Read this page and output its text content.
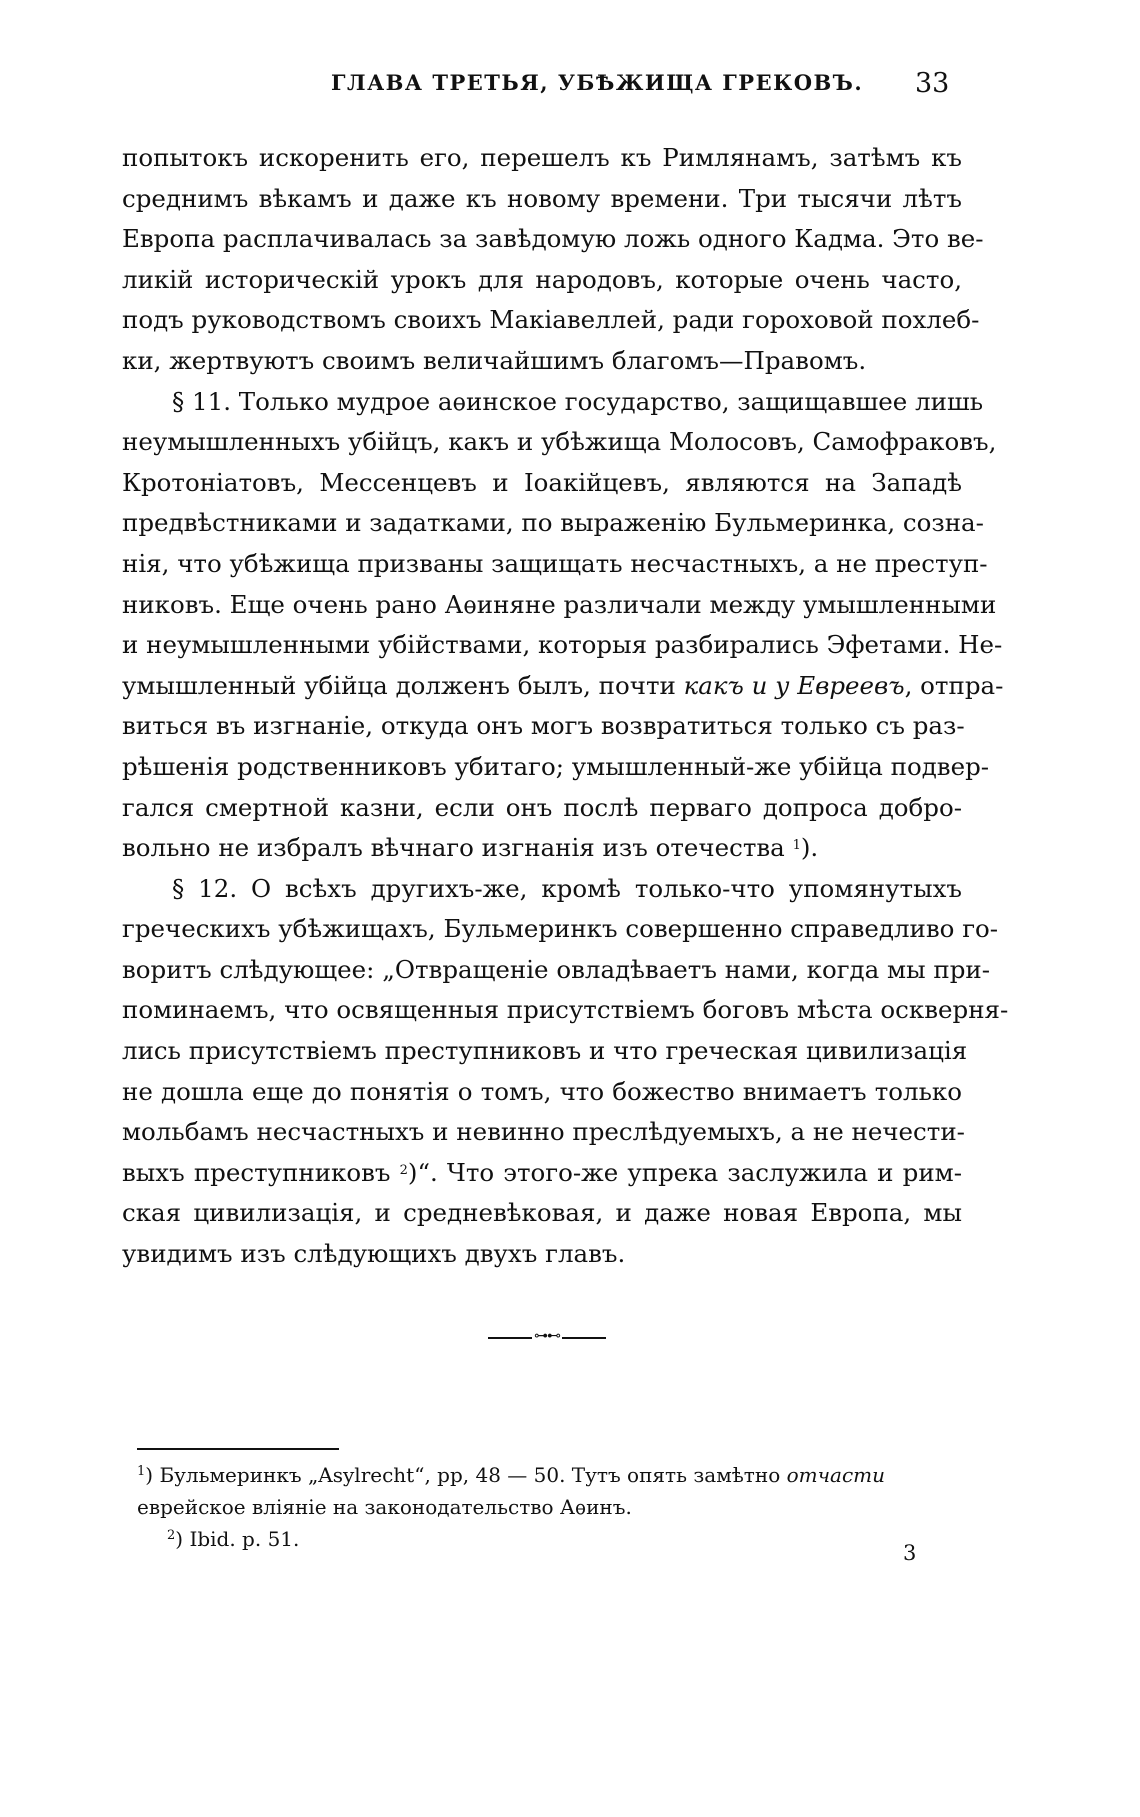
ГЛАВА ТРЕТЬЯ, УБѢЖИЩА ГРЕКОВЪ. 33
попытокъ искоренить его, перешелъ къ Римлянамъ, затѣмъ къ
среднимъ вѣкамъ и даже къ новому времени. Три тысячи лѣтъ
Европа расплачивалась за завѣдомую ложь одного Кадма. Это ве-
ликій историческій урокъ для народовъ, которые очень часто,
подъ руководствомъ своихъ Макіавеллей, ради гороховой похлеб-
ки, жертвуютъ своимъ величайшимъ благомъ—Правомъ.
§ 11. Только мудрое аѳинское государство, защищавшее лишь
неумышленныхъ убійцъ, какъ и убѣжища Молосовъ, Самофраковъ,
Кротоніатовъ, Мессенцевъ и Іоакійцевъ, являются на Западѣ
предвѣстниками и задатками, по выраженію Бульмеринка, созна-
нія, что убѣжища призваны защищать несчастныхъ, а не преступ-
никовъ. Еще очень рано Аѳиняне различали между умышленными
и неумышленными убійствами, которыя разбирались Эфетами. Не-
умышленный убійца долженъ былъ, почти какъ и у Евреевъ, отпра-
виться въ изгнаніе, откуда онъ могъ возвратиться только съ раз-
рѣшенія родственниковъ убитаго; умышленный-же убійца подвер-
гался смертной казни, если онъ послѣ перваго допроса добро-
вольно не избралъ вѣчнаго изгнанія изъ отечества $^1$).
§ 12. О всѣхъ другихъ-же, кромѣ только-что упомянутыхъ
греческихъ убѣжищахъ, Бульмеринкъ совершенно справедливо го-
воритъ слѣдующее: „Отвращеніе овладѣваетъ нами, когда мы при-
поминаемъ, что освященныя присутствіемъ боговъ мѣста оскверня-
лись присутствіемъ преступниковъ и что греческая цивилизація
не дошла еще до понятія о томъ, что божество внимаетъ только
мольбамъ несчастныхъ и невинно преслѣдуемыхъ, а не нечести-
выхъ преступниковъ $^2$)“. Что этого-же упрека заслужила и рим-
ская цивилизація, и средневѣковая, и даже новая Европа, мы
увидимъ изъ слѣдующихъ двухъ главъ.
⊶⊷
$^1$) Бульмеринкъ „Asylrecht“, pp, 48 — 50. Тутъ опять замѣтно отчасти
еврейское вліяніе на законодательство Аѳинъ.
$^2$) Ibid. p. 51.
3
